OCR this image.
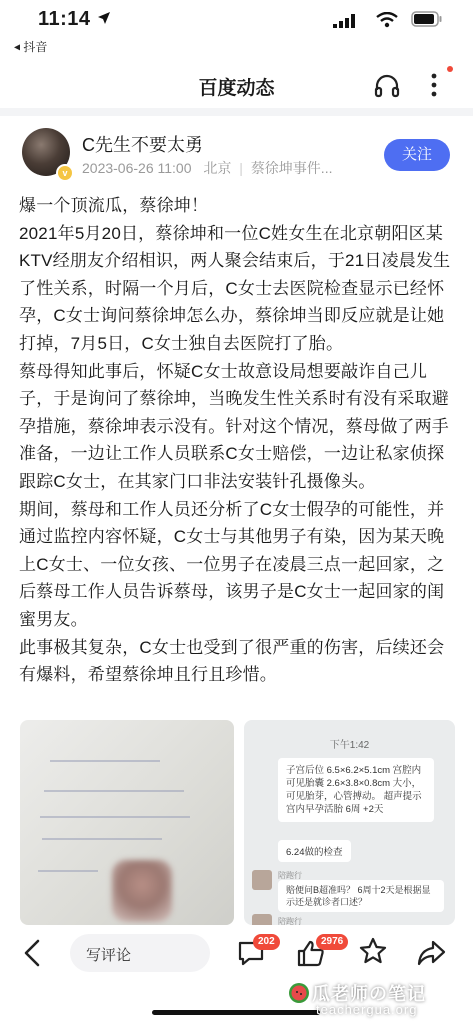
11:14
◂ 抖音
百度动态
v
C先生不要太勇
2023-06-26 11:00 北京 | 蔡徐坤事件...
关注

爆一个顶流瓜，蔡徐坤！

2021年5月20日，蔡徐坤和一位C姓女生在北京朝阳区某KTV经朋友介绍相识，两人聚会结束后，于21日凌晨发生了性关系，时隔一个月后，C女士去医院检查显示已经怀孕，C女士询问蔡徐坤怎么办，蔡徐坤当即反应就是让她打掉，7月5日，C女士独自去医院打了胎。

蔡母得知此事后，怀疑C女士故意设局想要敲诈自己儿子，于是询问了蔡徐坤，当晚发生性关系时有没有采取避孕措施，蔡徐坤表示没有。针对这个情况，蔡母做了两手准备，一边让工作人员联系C女士赔偿，一边让私家侦探跟踪C女士，在其家门口非法安装针孔摄像头。

期间，蔡母和工作人员还分析了C女士假孕的可能性，并通过监控内容怀疑，C女士与其他男子有染，因为某天晚上C女士、一位女孩、一位男子在凌晨三点一起回家，之后蔡母工作人员告诉蔡母，该男子是C女士一起回家的闺蜜男友。

此事极其复杂，C女士也受到了很严重的伤害，后续还会有爆料，希望蔡徐坤且行且珍惜。

下午1:42
子宫后位 6.5×6.2×5.1cm 宫腔内可见胎囊 2.6×3.8×0.8cm 大小，可见胎芽，心管搏动。 超声提示 宫内早孕活胎 6周 +2天
6.24做的检查
陪跑行
赔便问B超准吗？ 6周十2天是根据显示还是就诊者口述？
陪跑行
写评论
202	2976
瓜老师の笔记
teachergua.org
